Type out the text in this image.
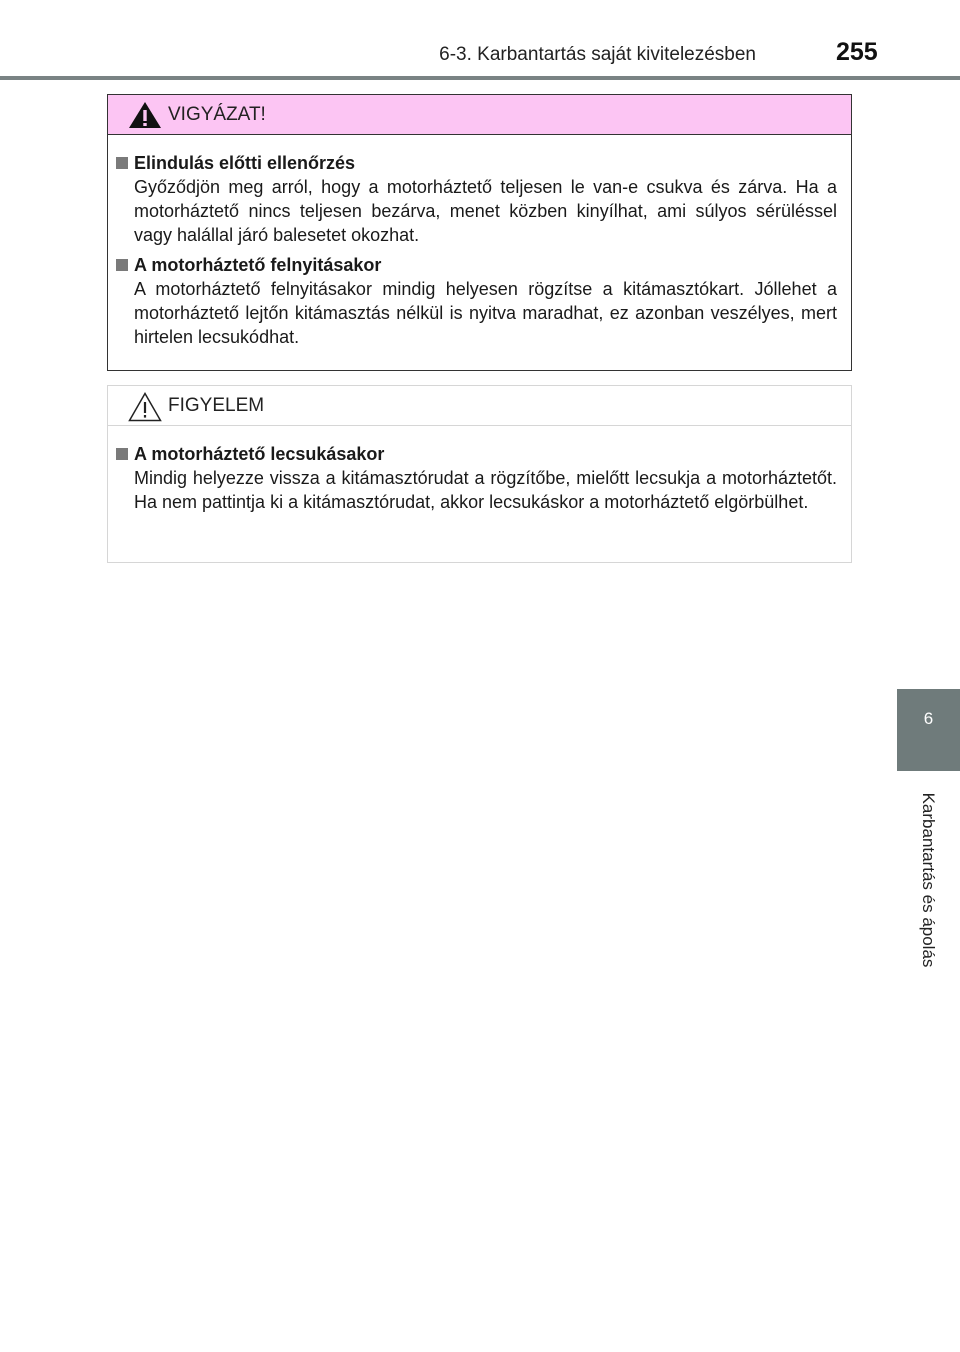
6-3. Karbantartás saját kivitelezésben	255
VIGYÁZAT!
Elindulás előtti ellenőrzés
Győződjön meg arról, hogy a motorháztető teljesen le van-e csukva és zárva. Ha a motorháztető nincs teljesen bezárva, menet közben kinyílhat, ami súlyos sérüléssel vagy halállal járó balesetet okozhat.
A motorháztető felnyitásakor
A motorháztető felnyitásakor mindig helyesen rögzítse a kitámasztókart. Jóllehet a motorháztető lejtőn kitámasztás nélkül is nyitva maradhat, ez azonban veszélyes, mert hirtelen lecsukódhat.
FIGYELEM
A motorháztető lecsukásakor
Mindig helyezze vissza a kitámasztórudat a rögzítőbe, mielőtt lecsukja a motorháztetőt. Ha nem pattintja ki a kitámasztórudat, akkor lecsukáskor a motorháztető elgörbülhet.
6
Karbantartás és ápolás
